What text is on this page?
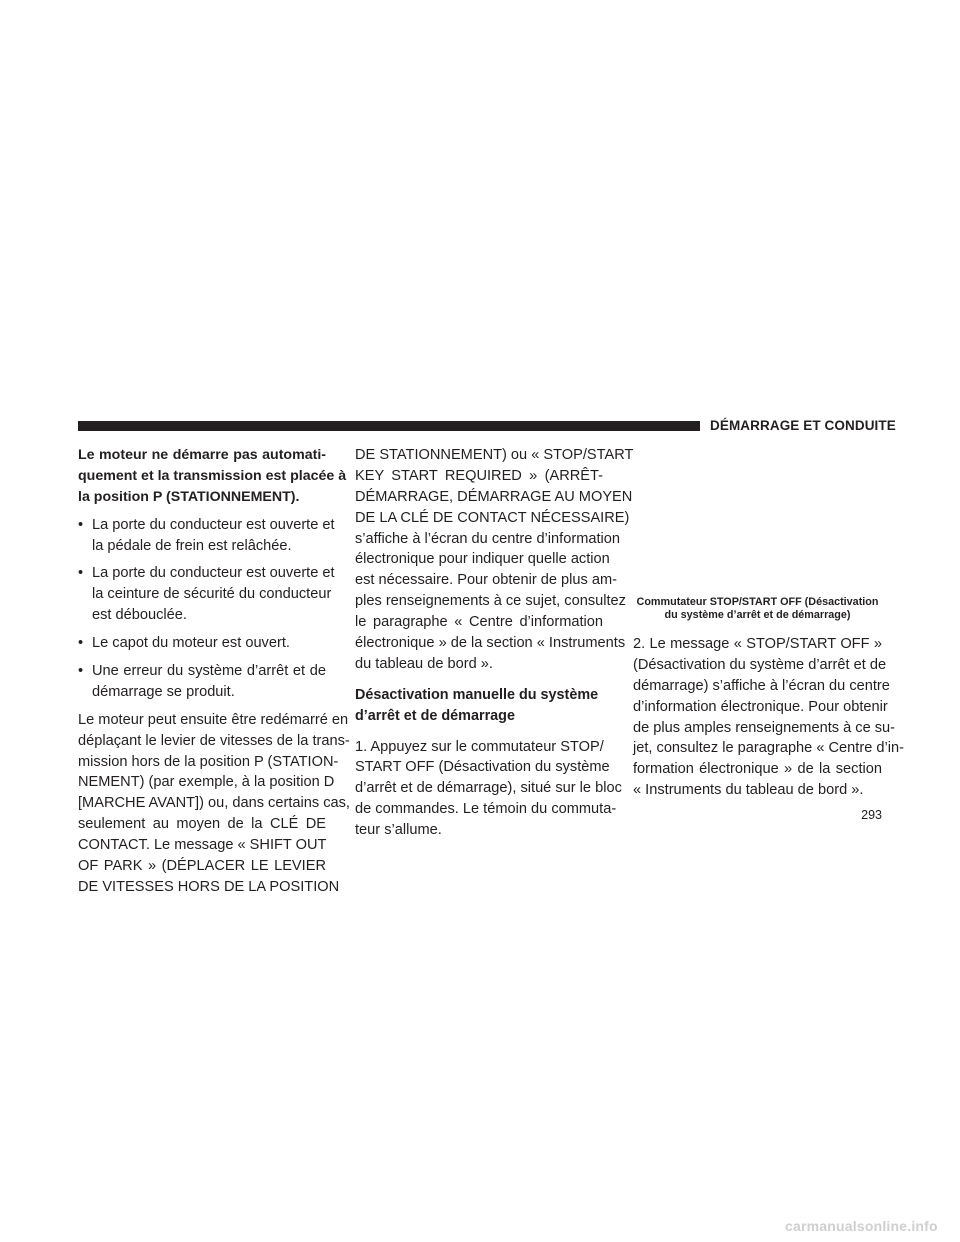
DÉMARRAGE ET CONDUITE
Le moteur ne démarre pas automati-
quement et la transmission est placée à
la position P (STATIONNEMENT).
• La porte du conducteur est ouverte et
la pédale de frein est relâchée.
• La porte du conducteur est ouverte et
la ceinture de sécurité du conducteur
est débouclée.
• Le capot du moteur est ouvert.
• Une erreur du système d’arrêt et de
démarrage se produit.
Le moteur peut ensuite être redémarré en
déplaçant le levier de vitesses de la trans-
mission hors de la position P (STATION-
NEMENT) (par exemple, à la position D
[MARCHE AVANT]) ou, dans certains cas,
seulement au moyen de la CLÉ DE
CONTACT. Le message « SHIFT OUT
OF PARK » (DÉPLACER LE LEVIER
DE VITESSES HORS DE LA POSITION
DE STATIONNEMENT) ou « STOP/START
KEY START REQUIRED » (ARRÊT-
DÉMARRAGE, DÉMARRAGE AU MOYEN
DE LA CLÉ DE CONTACT NÉCESSAIRE)
s’affiche à l’écran du centre d’information
électronique pour indiquer quelle action
est nécessaire. Pour obtenir de plus am-
ples renseignements à ce sujet, consultez
le paragraphe « Centre d’information
électronique » de la section « Instruments
du tableau de bord ».
Désactivation manuelle du système
d’arrêt et de démarrage
1. Appuyez sur le commutateur STOP/
START OFF (Désactivation du système
d’arrêt et de démarrage), situé sur le bloc
de commandes. Le témoin du commuta-
teur s’allume.
Commutateur STOP/START OFF (Désactivation
du système d’arrêt et de démarrage)
2. Le message « STOP/START OFF »
(Désactivation du système d’arrêt et de
démarrage) s’affiche à l’écran du centre
d’information électronique. Pour obtenir
de plus amples renseignements à ce su-
jet, consultez le paragraphe « Centre d’in-
formation électronique » de la section
« Instruments du tableau de bord ».
293
carmanualsonline.info
